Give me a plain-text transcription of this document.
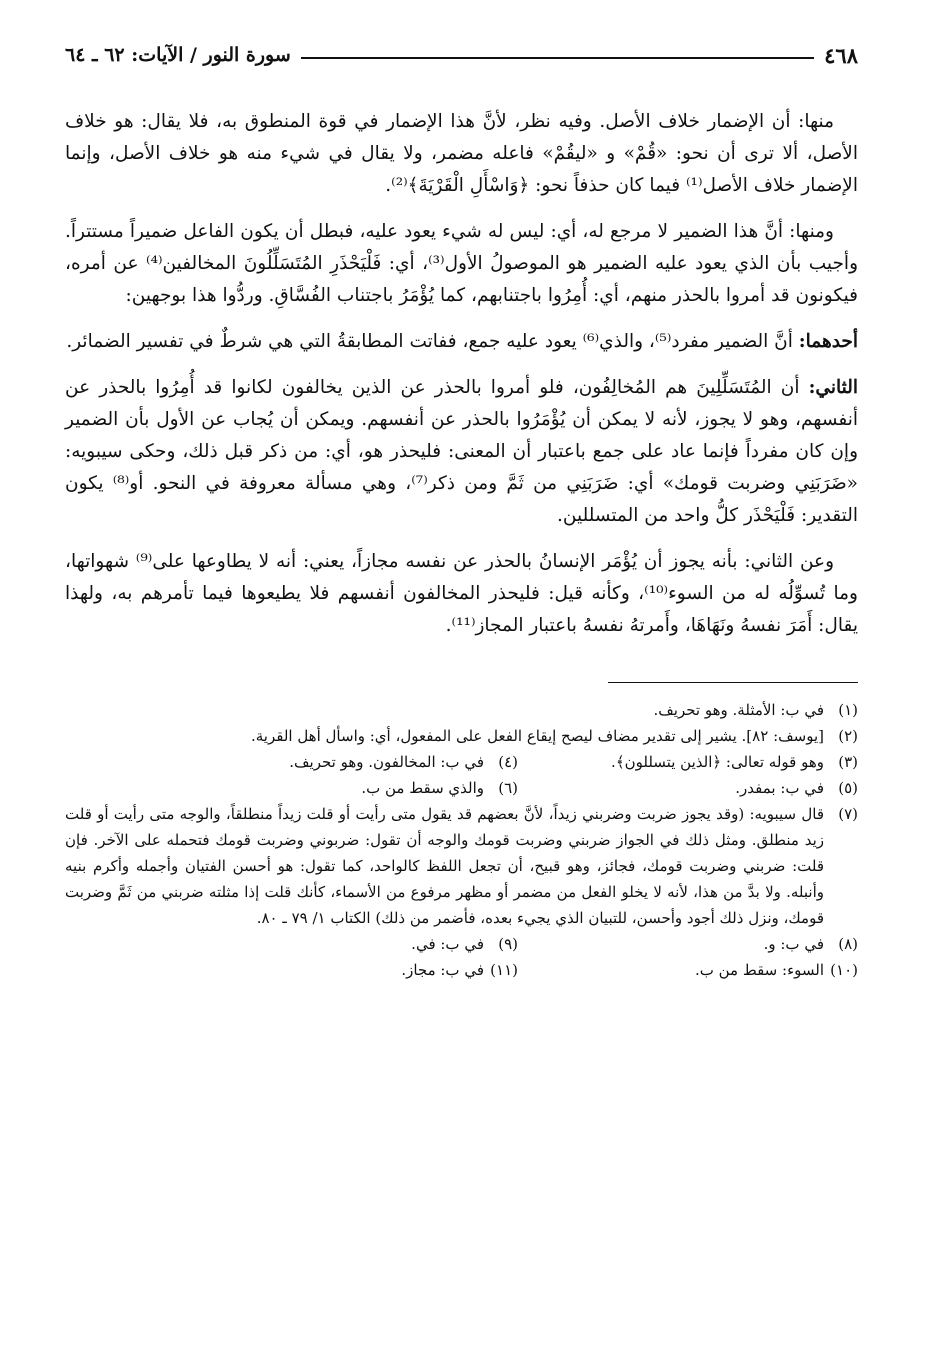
٤٦٨
سورة النور / الآيات: ٦٢ ـ ٦٤

منها: أن الإضمار خلاف الأصل. وفيه نظر، لأنَّ هذا الإضمار في قوة المنطوق به، فلا يقال: هو خلاف الأصل، ألا ترى أن نحو: «قُمْ» و «ليقُمْ» فاعله مضمر، ولا يقال في شيء منه هو خلاف الأصل، وإنما الإضمار خلاف الأصل⁽¹⁾ فيما كان حذفاً نحو: ﴿وَاسْأَلِ الْقَرْيَةَ﴾⁽²⁾.

ومنها: أنَّ هذا الضمير لا مرجع له، أي: ليس له شيء يعود عليه، فبطل أن يكون الفاعل ضميراً مستتراً. وأجيب بأن الذي يعود عليه الضمير هو الموصولُ الأول⁽³⁾، أي: فَلْيَحْذَرِ المُتَسَلِّلُونَ المخالفين⁽⁴⁾ عن أمره، فيكونون قد أمروا بالحذر منهم، أي: أُمِرُوا باجتنابهم، كما يُؤْمَرُ باجتناب الفُسَّاقِ. وردُّوا هذا بوجهين:

أحدهما: أنَّ الضمير مفرد⁽⁵⁾، والذي⁽⁶⁾ يعود عليه جمع، ففاتت المطابقةُ التي هي شرطٌ في تفسير الضمائر.

الثاني: أن المُتَسَلِّلِينَ هم المُخالِفُون، فلو أمروا بالحذر عن الذين يخالفون لكانوا قد أُمِرُوا بالحذر عن أنفسهم، وهو لا يجوز، لأنه لا يمكن أن يُؤْمَرُوا بالحذر عن أنفسهم. ويمكن أن يُجاب عن الأول بأن الضمير وإن كان مفرداً فإنما عاد على جمع باعتبار أن المعنى: فليحذر هو، أي: من ذكر قبل ذلك، وحكى سيبويه: «ضَرَبَنِي وضربت قومك» أي: ضَرَبَنِي من ثَمَّ ومن ذكر⁽⁷⁾، وهي مسألة معروفة في النحو. أو⁽⁸⁾ يكون التقدير: فَلْيَحْذَر كلُّ واحد من المتسللين.

وعن الثاني: بأنه يجوز أن يُؤْمَر الإنسانُ بالحذر عن نفسه مجازاً، يعني: أنه لا يطاوعها على⁽⁹⁾ شهواتها، وما تُسوِّلُه له من السوء⁽¹⁰⁾، وكأنه قيل: فليحذر المخالفون أنفسهم فلا يطيعوها فيما تأمرهم به، ولهذا يقال: أَمَرَ نفسهُ ونَهَاهَا، وأَمرتهُ نفسهُ باعتبار المجاز⁽¹¹⁾.

(١)
في ب: الأمثلة. وهو تحريف.
(٢)
[يوسف: ٨٢]. يشير إلى تقدير مضاف ليصح إيقاع الفعل على المفعول، أي: واسأل أهل القرية.
(٣)
وهو قوله تعالى: ﴿الذين يتسللون﴾.
(٤)
في ب: المخالفون. وهو تحريف.
(٥)
في ب: بمفدر.
(٦)
والذي سقط من ب.
(٧)
قال سيبويه: (وقد يجوز ضربت وضربني زيداً، لأنَّ بعضهم قد يقول متى رأيت أو قلت زيداً منطلقاً، والوجه متى رأيت أو قلت زيد منطلق. ومثل ذلك في الجواز ضربني وضربت قومك والوجه أن تقول: ضربوني وضربت قومك فتحمله على الآخر. فإن قلت: ضربني وضربت قومك، فجائز، وهو قبيح، أن تجعل اللفظ كالواحد، كما تقول: هو أحسن الفتيان وأجمله وأكرم بنيه وأنبله. ولا بدَّ من هذا، لأنه لا يخلو الفعل من مضمر أو مظهر مرفوع من الأسماء، كأنك قلت إذا مثلته ضربني من ثَمَّ وضربت قومك، ونزل ذلك أجود وأحسن، للتبيان الذي يجيء بعده، فأضمر من ذلك) الكتاب ١/ ٧٩ ـ ٨٠.
(٨)
في ب: و.
(٩)
في ب: في.
(١٠)
السوء: سقط من ب.
(١١)
في ب: مجاز.
